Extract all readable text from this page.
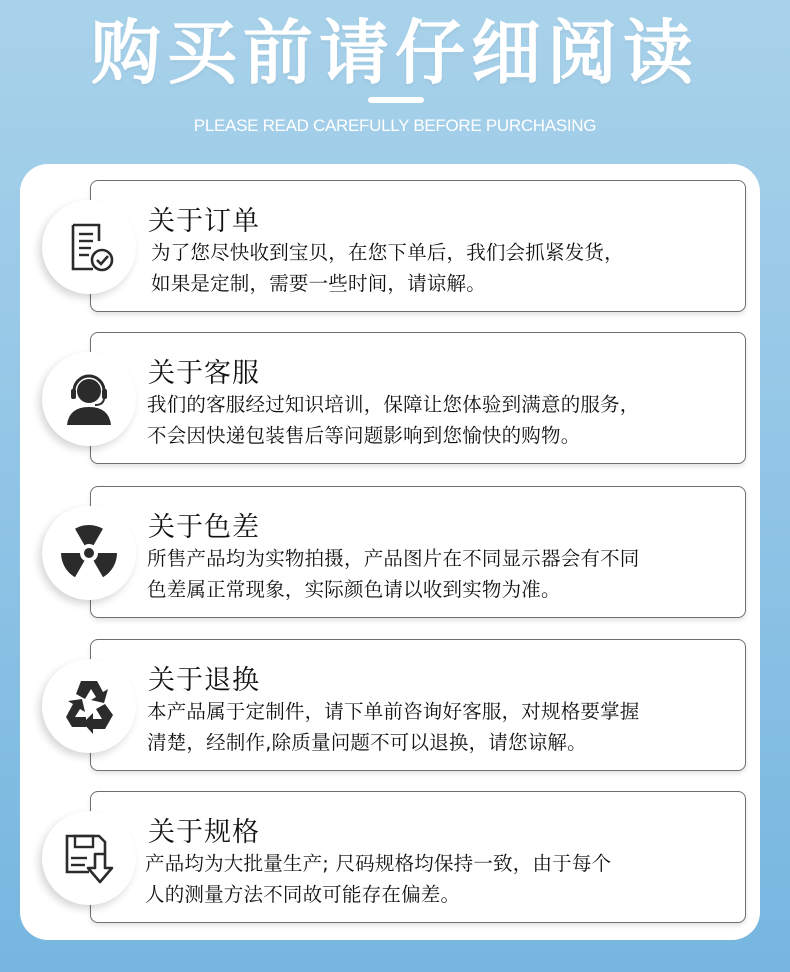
购买前请仔细阅读
PLEASE READ CAREFULLY BEFORE PURCHASING
关于订单
为了您尽快收到宝贝，在您下单后，我们会抓紧发货，
如果是定制，需要一些时间，请谅解。
关于客服
我们的客服经过知识培训，保障让您体验到满意的服务，
不会因快递包装售后等问题影响到您愉快的购物。
关于色差
所售产品均为实物拍摄，产品图片在不同显示器会有不同
色差属正常现象，实际颜色请以收到实物为准。
关于退换
本产品属于定制件，请下单前咨询好客服，对规格要掌握
清楚，经制作,除质量问题不可以退换，请您谅解。
关于规格
产品均为大批量生产; 尺码规格均保持一致，由于每个
人的测量方法不同故可能存在偏差。
